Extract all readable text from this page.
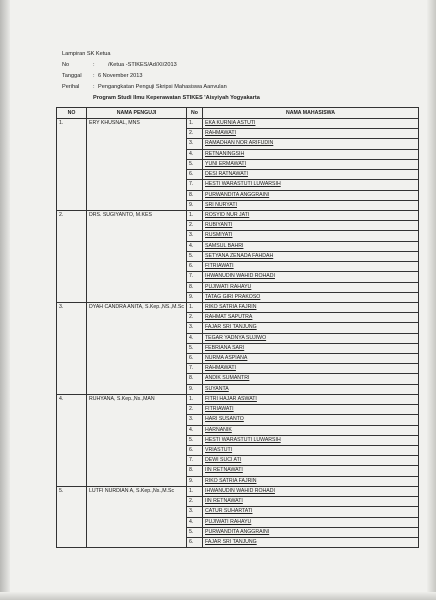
Lampiran SK Ketua
No	: /Ketua -STIKES/Ad/XI/2013
Tanggal : 6 November 2013
Perihal : Pengangkatan Penguji Skripsi Mahasiswa Aanvulan
Program Studi Ilmu Keperawatan STIKES 'Aisyiyah Yogyakarta
NO	NAMA PENGUJI	No	NAMA MAHASISWA
1.	ERY KHUSNAL, MNS	1.	EKA KURNIA ASTUTI
		2.	RAHMAWATI
		3.	RAMADHAN NOR ARIFUDIN
		4.	RETNANINGSIH
		5.	YUNI ERMAWATI
		6.	DESI RATNAWATI
		7.	HESTI WARASTUTI LUWARSIH
		8.	PURWANDITA ANGGRAINI
		9.	SRI NURYATI
2.	DRS. SUGIYANTO, M.KES	1.	ROSYID NUR JATI
		2.	RUBIYANTI
		3.	RUSMIYATI
		4.	SAMSUL BAHRI
		5.	SETYANA ZENADA FAHDAH
		6.	FITRIAWATI
		7.	IHWANUDIN WAHID ROHADI
		8.	PUJIWATI RAHAYU
		9.	TATAG GIRI PRAKOSO
3.	DYAH CANDRA ANITA, S.Kep.,NS.,M.Sc	1.	RIKO SATRIA FAJRIN
		2.	RAHMAT SAPUTRA
		3.	FAJAR SRI TANJUNG
		4.	TEGAR YADNYA SUJIWO
		5.	FEBRIANA SARI
		6.	NURMA ASPIANA
		7.	RAHMAWATI
		8.	ANDIK SUMANTRI
		9.	SUYANTA
4.	RUHYANA, S.Kep.,Ns.,MAN	1.	FITRI HAJAR ASWATI
		2.	FITRIAWATI
		3.	HARI SUSANTO
		4.	HARNANIK
		5.	HESTI WARASTUTI LUWARSIH
		6.	VRIASTUTI
		7.	DEWI SUCI ATI
		8.	IIN RETNAWATI
		9.	RIKO SATRIA FAJRIN
5.	LUTFI NURDIAN A, S.Kep.,Ns.,M.Sc	1.	IHWANUDIN WAHID ROHADI
		2.	IIN RETNAWATI
		3.	CATUR SUHARTATI
		4.	PUJIWATI RAHAYU
		5.	PURWANDITA ANGGRAINI
		6.	FAJAR SRI TANJUNG
